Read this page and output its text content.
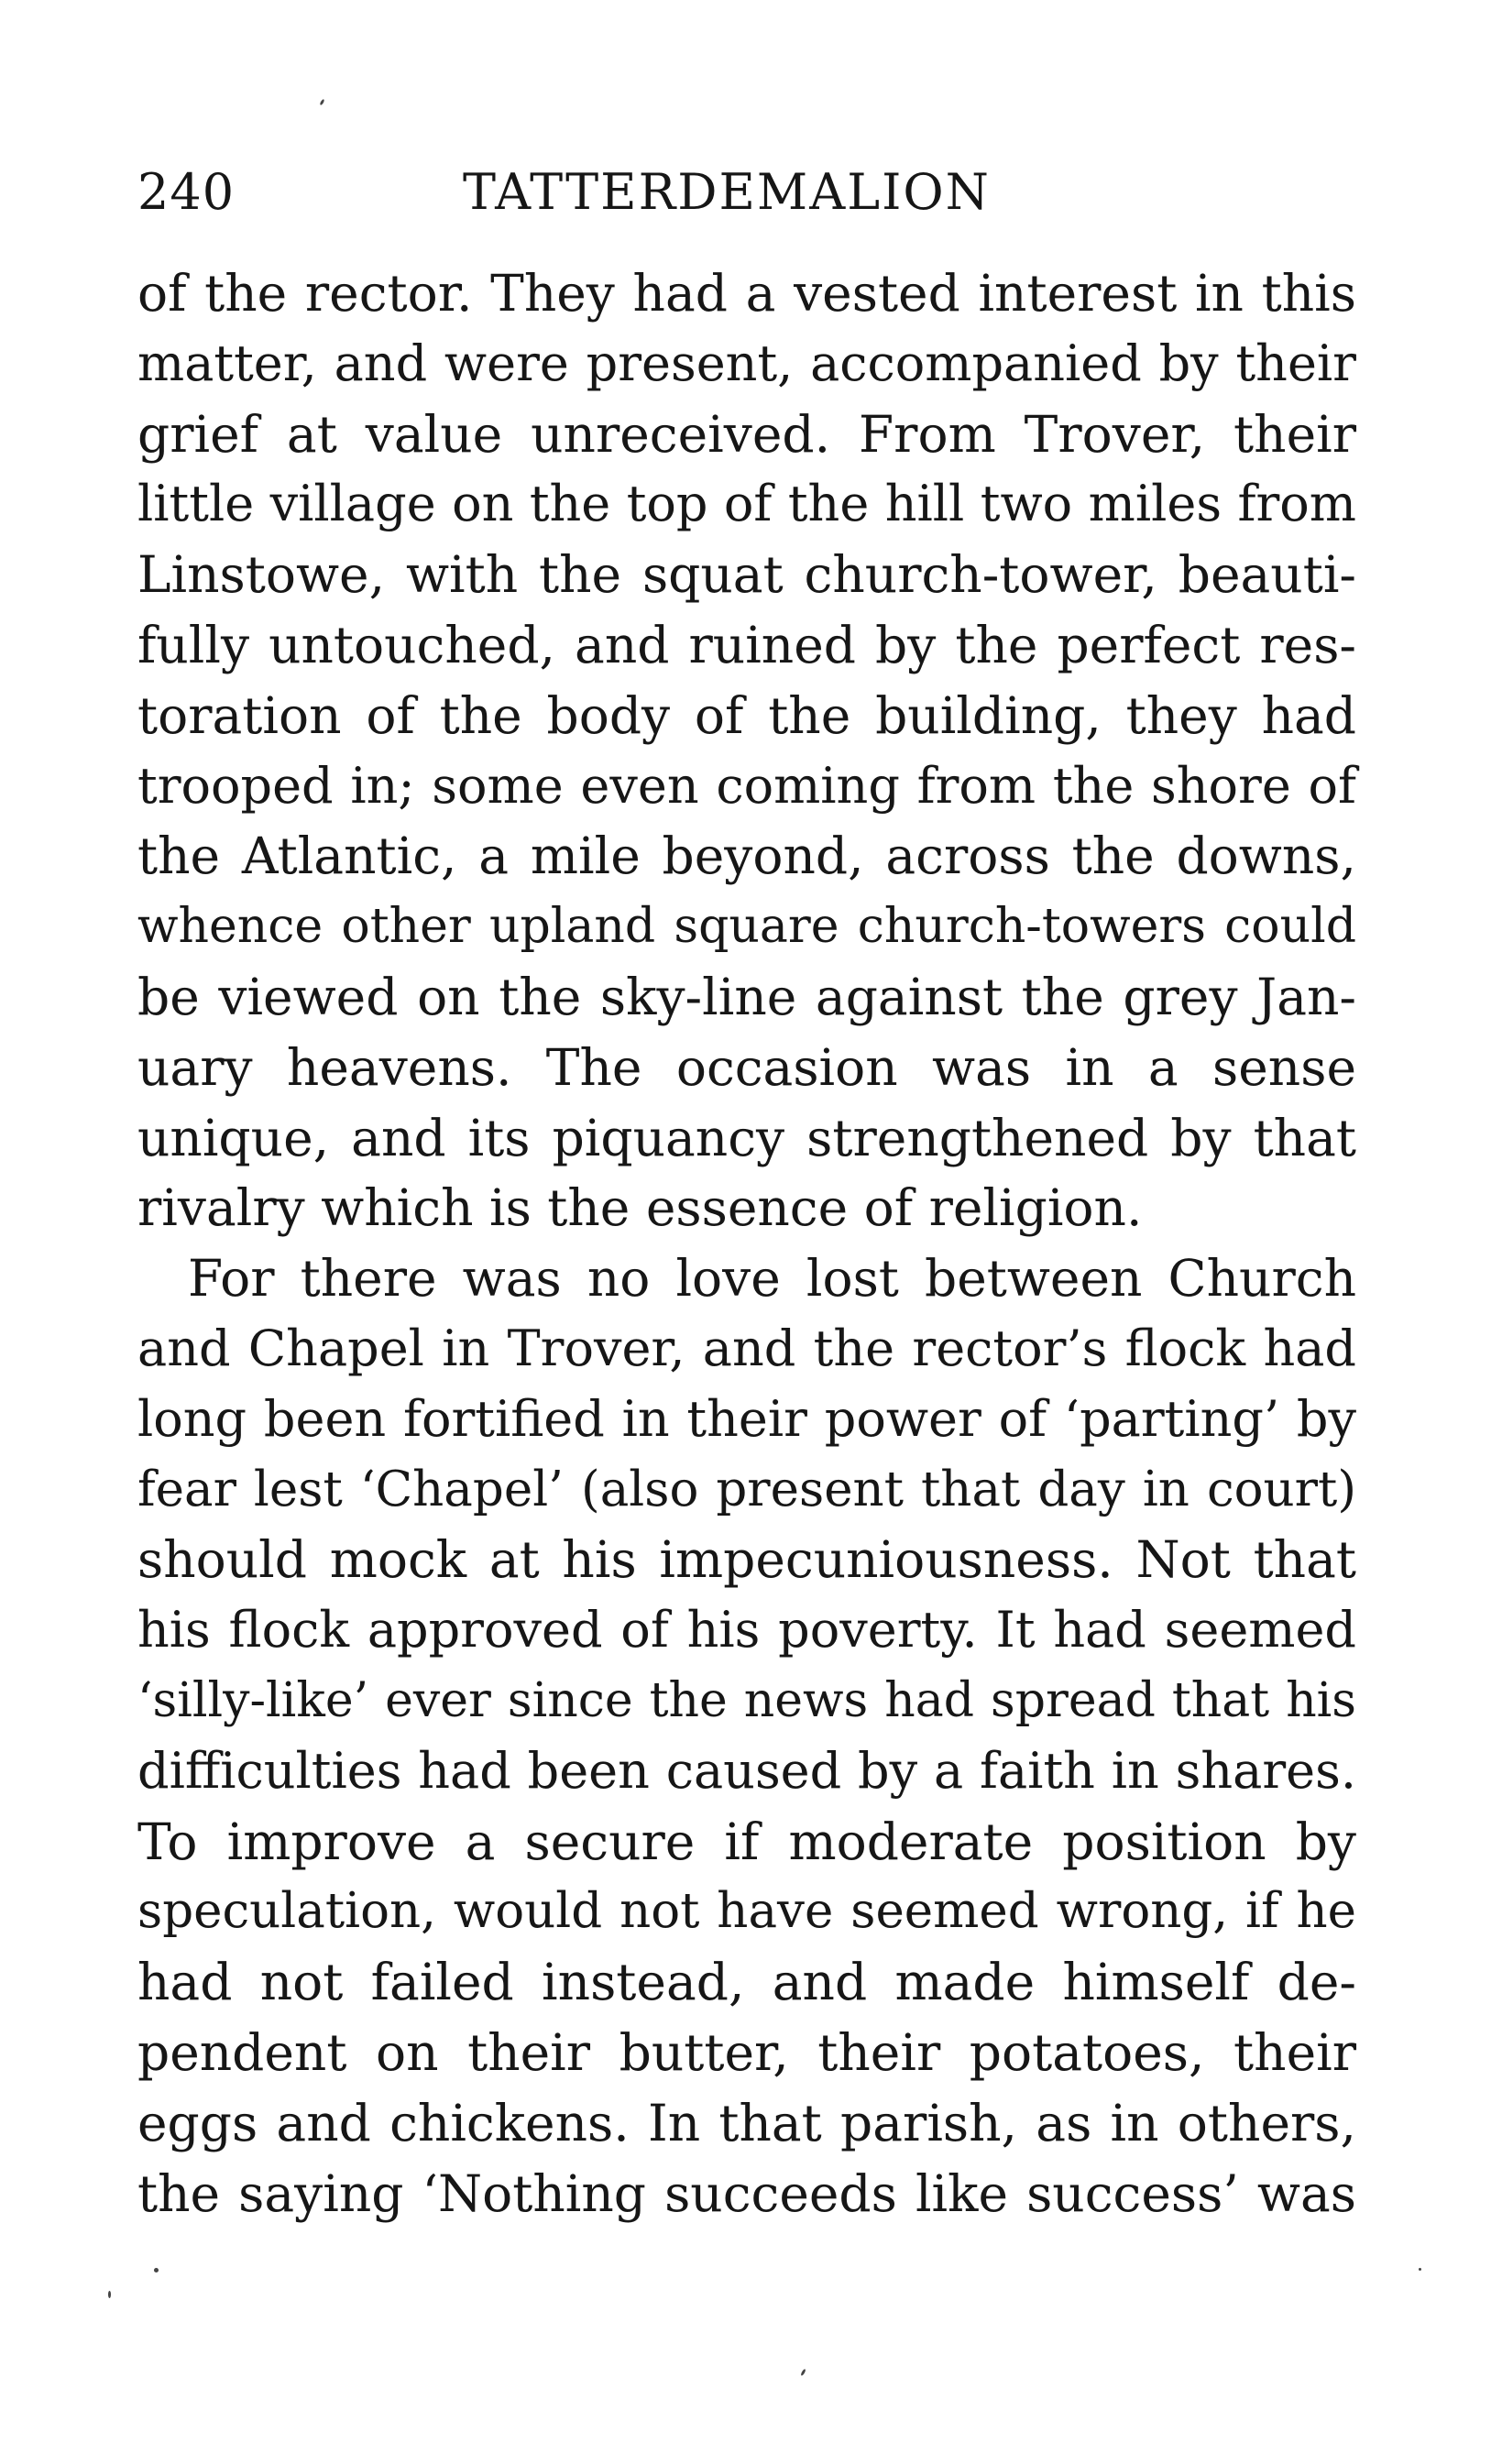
240	TATTERDEMALION
of the rector. They had a vested interest in this
matter, and were present, accompanied by their
grief at value unreceived. From Trover, their
little village on the top of the hill two miles from
Linstowe, with the squat church-tower, beauti-
fully untouched, and ruined by the perfect res-
toration of the body of the building, they had
trooped in; some even coming from the shore of
the Atlantic, a mile beyond, across the downs,
whence other upland square church-towers could
be viewed on the sky-line against the grey Jan-
uary heavens. The occasion was in a sense
unique, and its piquancy strengthened by that
rivalry which is the essence of religion.
For there was no love lost between Church
and Chapel in Trover, and the rector’s flock had
long been fortified in their power of ‘parting’ by
fear lest ‘Chapel’ (also present that day in court)
should mock at his impecuniousness. Not that
his flock approved of his poverty. It had seemed
‘silly-like’ ever since the news had spread that his
difficulties had been caused by a faith in shares.
To improve a secure if moderate position by
speculation, would not have seemed wrong, if he
had not failed instead, and made himself de-
pendent on their butter, their potatoes, their
eggs and chickens. In that parish, as in others,
the saying ‘Nothing succeeds like success’ was
